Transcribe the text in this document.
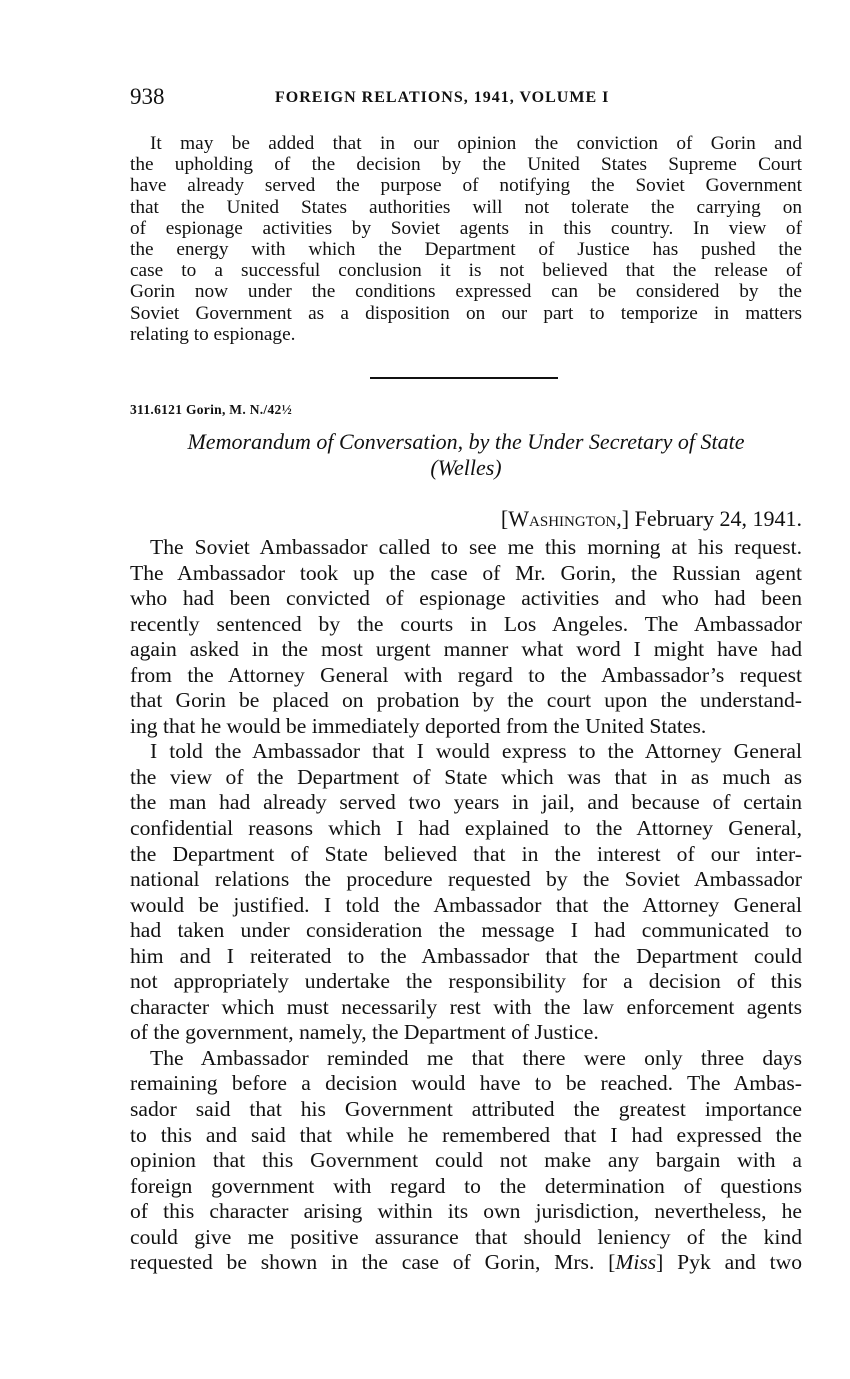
938	FOREIGN RELATIONS, 1941, VOLUME I
It may be added that in our opinion the conviction of Gorin and
the upholding of the decision by the United States Supreme Court
have already served the purpose of notifying the Soviet Government
that the United States authorities will not tolerate the carrying on
of espionage activities by Soviet agents in this country. In view of
the energy with which the Department of Justice has pushed the
case to a successful conclusion it is not believed that the release of
Gorin now under the conditions expressed can be considered by the
Soviet Government as a disposition on our part to temporize in matters
relating to espionage.
311.6121 Gorin, M. N./42½
Memorandum of Conversation, by the Under Secretary of State
(Welles)
[Washington,] February 24, 1941.
The Soviet Ambassador called to see me this morning at his request.
The Ambassador took up the case of Mr. Gorin, the Russian agent
who had been convicted of espionage activities and who had been
recently sentenced by the courts in Los Angeles. The Ambassador
again asked in the most urgent manner what word I might have had
from the Attorney General with regard to the Ambassador’s request
that Gorin be placed on probation by the court upon the understand-
ing that he would be immediately deported from the United States.
I told the Ambassador that I would express to the Attorney General
the view of the Department of State which was that in as much as
the man had already served two years in jail, and because of certain
confidential reasons which I had explained to the Attorney General,
the Department of State believed that in the interest of our inter-
national relations the procedure requested by the Soviet Ambassador
would be justified. I told the Ambassador that the Attorney General
had taken under consideration the message I had communicated to
him and I reiterated to the Ambassador that the Department could
not appropriately undertake the responsibility for a decision of this
character which must necessarily rest with the law enforcement agents
of the government, namely, the Department of Justice.
The Ambassador reminded me that there were only three days
remaining before a decision would have to be reached. The Ambas-
sador said that his Government attributed the greatest importance
to this and said that while he remembered that I had expressed the
opinion that this Government could not make any bargain with a
foreign government with regard to the determination of questions
of this character arising within its own jurisdiction, nevertheless, he
could give me positive assurance that should leniency of the kind
requested be shown in the case of Gorin, Mrs. [Miss] Pyk and two
